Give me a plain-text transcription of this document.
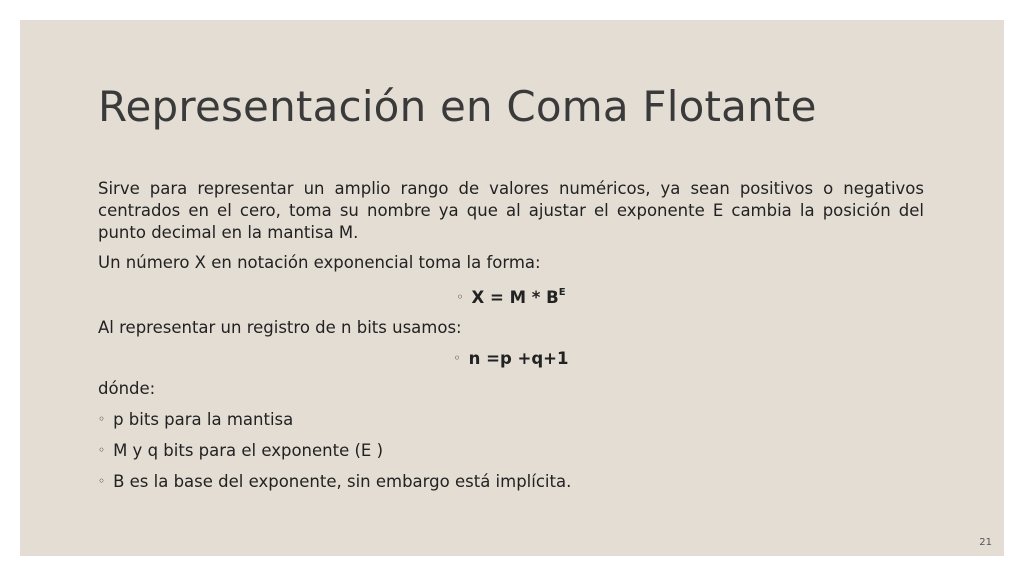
Representación en Coma Flotante

Sirve para representar un amplio rango de valores numéricos, ya sean positivos o negativos centrados en el cero, toma su nombre ya que al ajustar el exponente E cambia la posición del punto decimal en la mantisa M.

Un número X en notación exponencial toma la forma:

◦ $X = M * B^E$

Al representar un registro de n bits usamos:

◦ n =p +q+1

dónde:

◦ p bits para la mantisa
◦ M y q bits para el exponente (E )
◦ B es la base del exponente, sin embargo está implícita.
21
